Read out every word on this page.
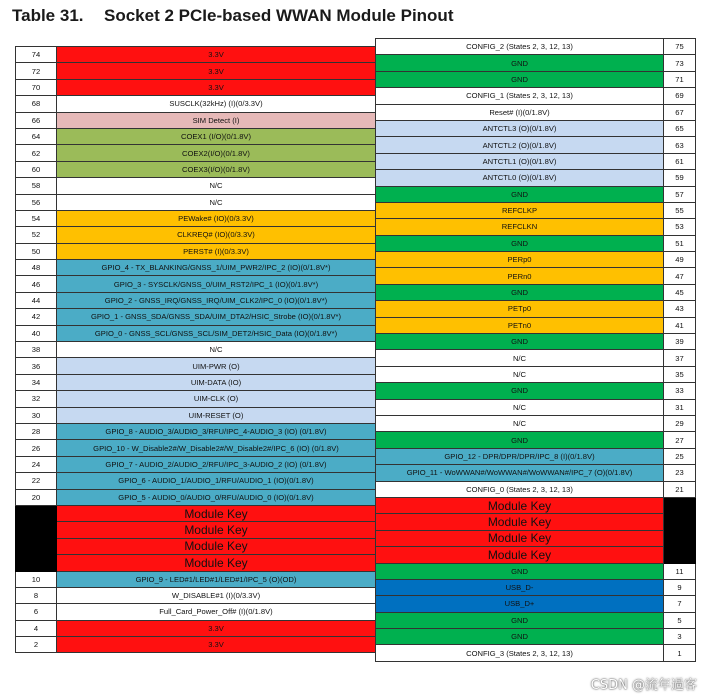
Table 31. Socket 2 PCIe-based WWAN Module Pinout
74	3.3V
72	3.3V
70	3.3V
68	SUSCLK(32kHz) (I)(0/3.3V)
66	SIM Detect (I)
64	COEX1 (I/O)(0/1.8V)
62	COEX2(I/O)(0/1.8V)
60	COEX3(I/O)(0/1.8V)
58	N/C
56	N/C
54	PEWake# (IO)(0/3.3V)
52	CLKREQ# (IO)(0/3.3V)
50	PERST# (I)(0/3.3V)
48	GPIO_4 - TX_BLANKING/GNSS_1/UIM_PWR2/IPC_2 (IO)(0/1.8V*)
46	GPIO_3 - SYSCLK/GNSS_0/UIM_RST2/IPC_1 (IO)(0/1.8V*)
44	GPIO_2 - GNSS_IRQ/GNSS_IRQ/UIM_CLK2/IPC_0 (IO)(0/1.8V*)
42	GPIO_1 - GNSS_SDA/GNSS_SDA/UIM_DTA2/HSIC_Strobe (IO)(0/1.8V*)
40	GPIO_0 - GNSS_SCL/GNSS_SCL/SIM_DET2/HSIC_Data (IO)(0/1.8V*)
38	N/C
36	UIM-PWR (O)
34	UIM-DATA (IO)
32	UIM-CLK (O)
30	UIM-RESET (O)
28	GPIO_8 - AUDIO_3/AUDIO_3/RFU/IPC_4-AUDIO_3 (IO) (0/1.8V)
26	GPIO_10 - W_Disable2#/W_Disable2#/W_Disable2#/IPC_6 (IO) (0/1.8V)
24	GPIO_7 - AUDIO_2/AUDIO_2/RFU/IPC_3-AUDIO_2 (IO) (0/1.8V)
22	GPIO_6 - AUDIO_1/AUDIO_1/RFU/AUDIO_1 (IO)(0/1.8V)
20	GPIO_5 - AUDIO_0/AUDIO_0/RFU/AUDIO_0 (IO)(0/1.8V)
	Module Key
	Module Key
	Module Key
	Module Key
10	GPIO_9 - LED#1/LED#1/LED#1/IPC_5 (O)(OD)
8	W_DISABLE#1 (I)(0/3.3V)
6	Full_Card_Power_Off# (I)(0/1.8V)
4	3.3V
2	3.3V
CONFIG_2 (States 2, 3, 12, 13)	75
GND	73
GND	71
CONFIG_1 (States 2, 3, 12, 13)	69
Reset# (I)(0/1.8V)	67
ANTCTL3 (O)(0/1.8V)	65
ANTCTL2 (O)(0/1.8V)	63
ANTCTL1 (O)(0/1.8V)	61
ANTCTL0 (O)(0/1.8V)	59
GND	57
REFCLKP	55
REFCLKN	53
GND	51
PERp0	49
PERn0	47
GND	45
PETp0	43
PETn0	41
GND	39
N/C	37
N/C	35
GND	33
N/C	31
N/C	29
GND	27
GPIO_12 - DPR/DPR/DPR/IPC_8 (I)(0/1.8V)	25
GPIO_11 - WoWWAN#/WoWWAN#/WoWWAN#/IPC_7 (O)(0/1.8V)	23
CONFIG_0 (States 2, 3, 12, 13)	21
Module Key	
Module Key	
Module Key	
Module Key	
GND	11
USB_D-	9
USB_D+	7
GND	5
GND	3
CONFIG_3 (States 2, 3, 12, 13)	1
CSDN @流年過客
